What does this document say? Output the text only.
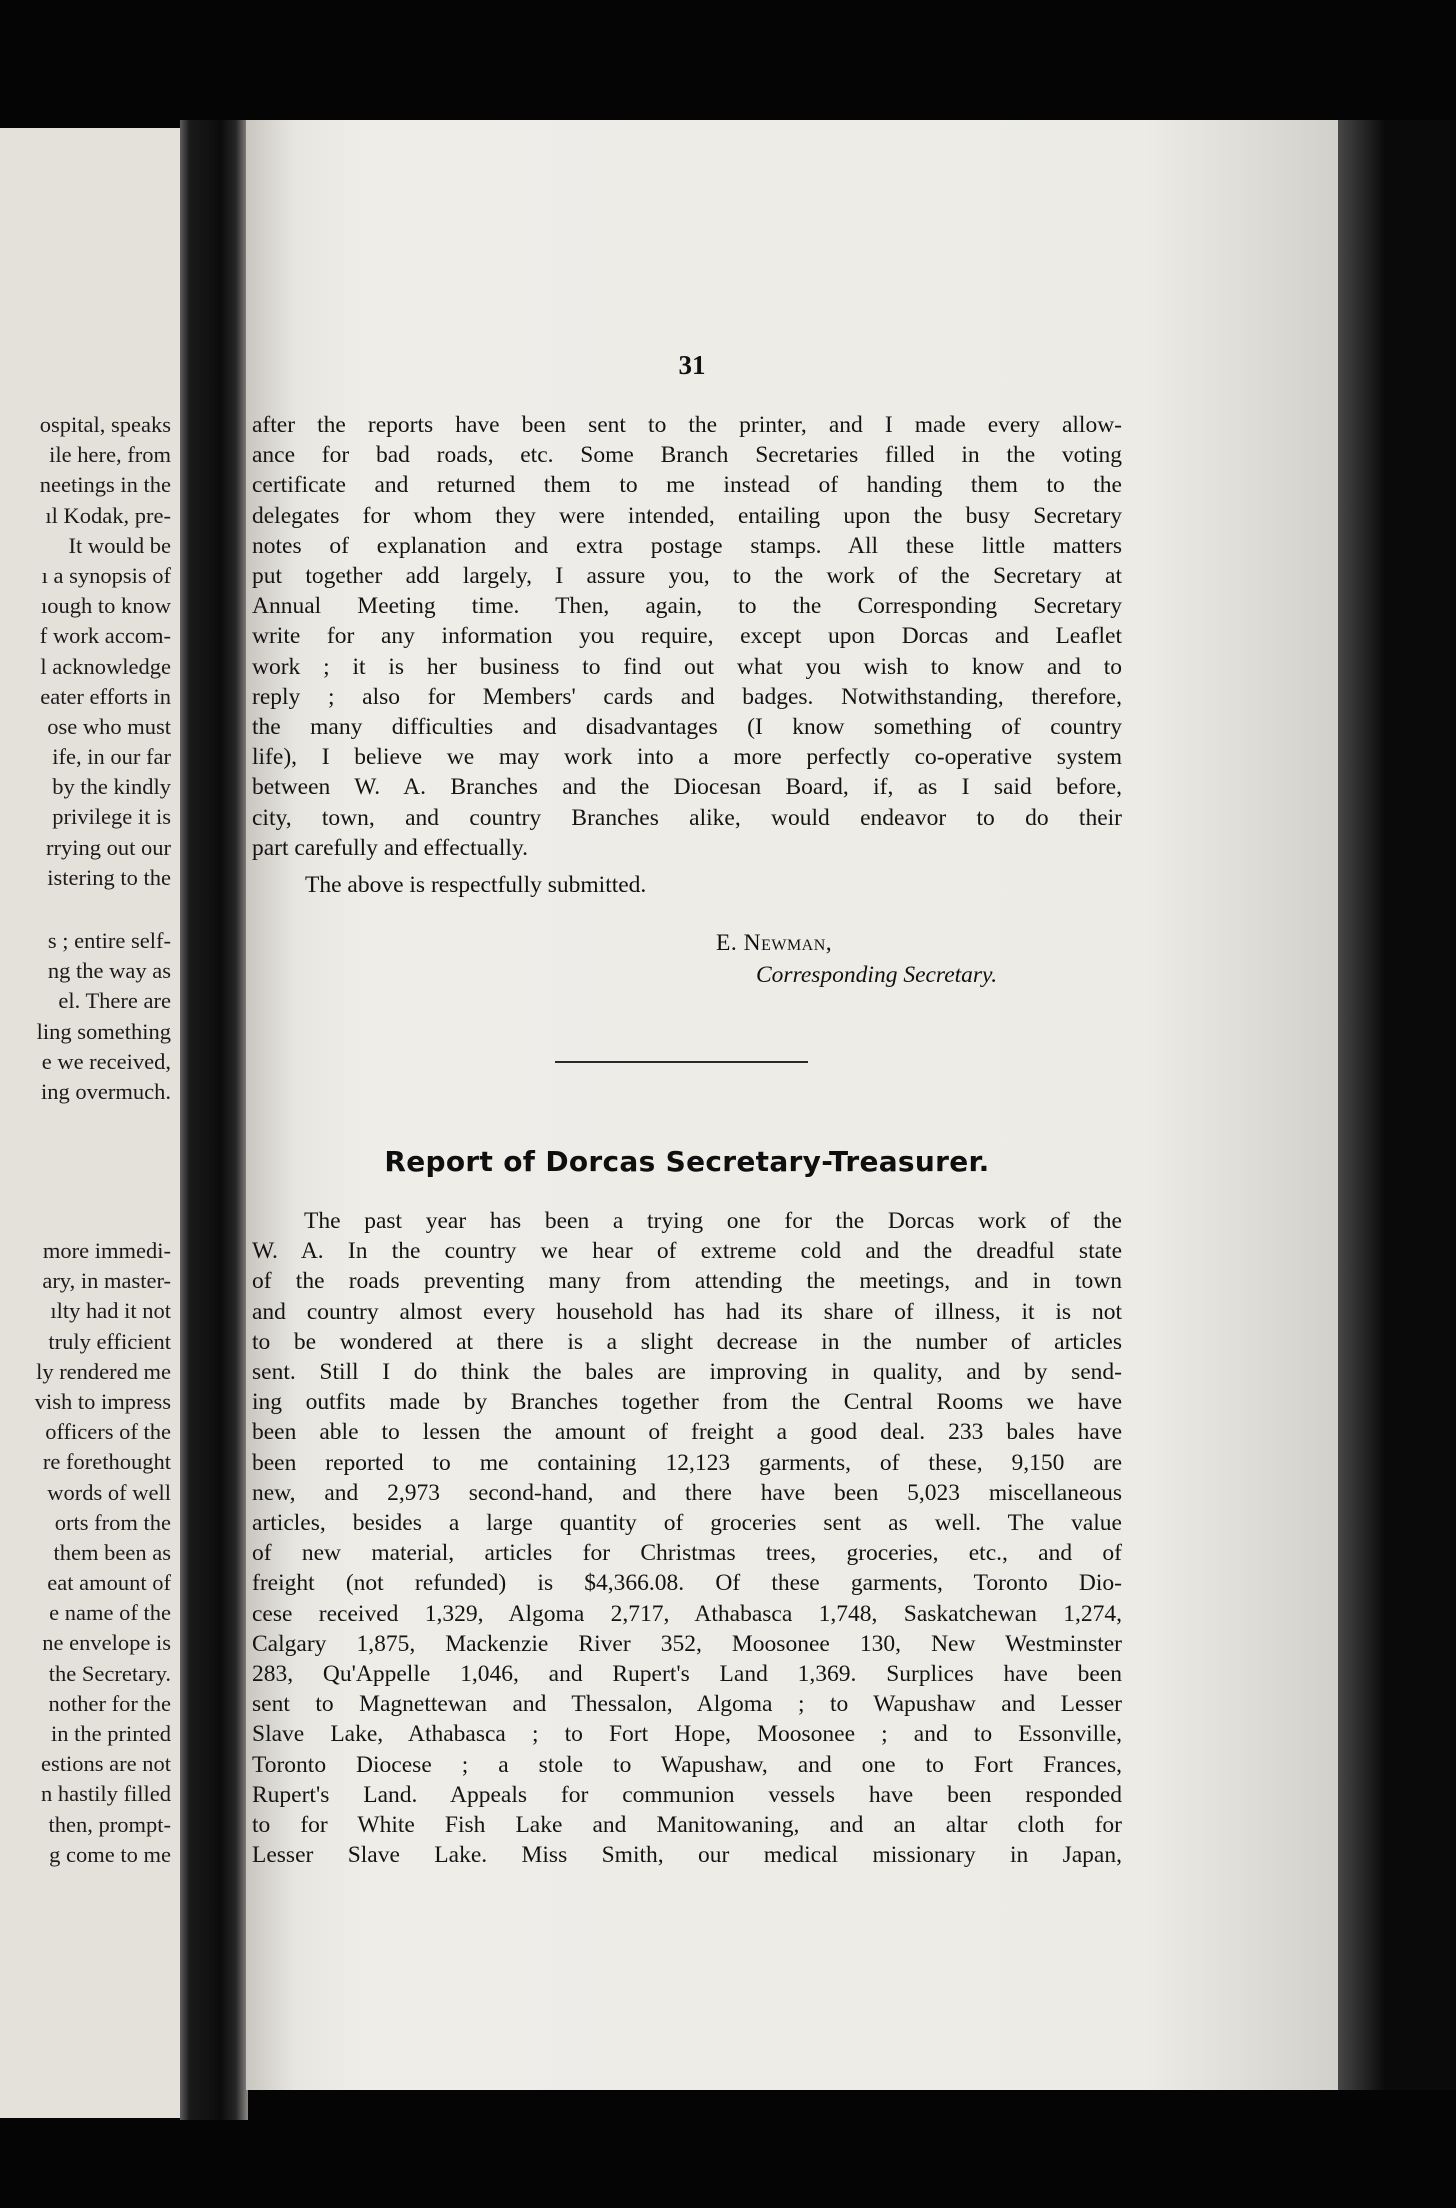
ospital, speaks
ile here, from
neetings in the
ıl Kodak, pre-
It would be
ı a synopsis of
ıough to know
f work accom-
l acknowledge
eater efforts in
ose who must
ife, in our far
by the kindly
privilege it is
rrying out our
istering to the
s ; entire self-
ng the way as
el. There are
ling something
e we received,
ing overmuch.
more immedi-
ary, in master-
ılty had it not
truly efficient
ly rendered me
vish to impress
officers of the
re forethought
words of well
orts from the
them been as
eat amount of
e name of the
ne envelope is
the Secretary.
nother for the
in the printed
estions are not
n hastily filled
then, prompt-
g come to me
31
after the reports have been sent to the printer, and I made every allow-
ance for bad roads, etc. Some Branch Secretaries filled in the voting
certificate and returned them to me instead of handing them to the
delegates for whom they were intended, entailing upon the busy Secretary
notes of explanation and extra postage stamps. All these little matters
put together add largely, I assure you, to the work of the Secretary at
Annual Meeting time. Then, again, to the Corresponding Secretary
write for any information you require, except upon Dorcas and Leaflet
work ; it is her business to find out what you wish to know and to
reply ; also for Members' cards and badges. Notwithstanding, therefore,
the many difficulties and disadvantages (I know something of country
life), I believe we may work into a more perfectly co-operative system
between W. A. Branches and the Diocesan Board, if, as I said before,
city, town, and country Branches alike, would endeavor to do their
part carefully and effectually.
The above is respectfully submitted.
E. Newman,
Corresponding Secretary.
Report of Dorcas Secretary-Treasurer.
The past year has been a trying one for the Dorcas work of the
W. A. In the country we hear of extreme cold and the dreadful state
of the roads preventing many from attending the meetings, and in town
and country almost every household has had its share of illness, it is not
to be wondered at there is a slight decrease in the number of articles
sent. Still I do think the bales are improving in quality, and by send-
ing outfits made by Branches together from the Central Rooms we have
been able to lessen the amount of freight a good deal. 233 bales have
been reported to me containing 12,123 garments, of these, 9,150 are
new, and 2,973 second-hand, and there have been 5,023 miscellaneous
articles, besides a large quantity of groceries sent as well. The value
of new material, articles for Christmas trees, groceries, etc., and of
freight (not refunded) is $4,366.08. Of these garments, Toronto Dio-
cese received 1,329, Algoma 2,717, Athabasca 1,748, Saskatchewan 1,274,
Calgary 1,875, Mackenzie River 352, Moosonee 130, New Westminster
283, Qu'Appelle 1,046, and Rupert's Land 1,369. Surplices have been
sent to Magnettewan and Thessalon, Algoma ; to Wapushaw and Lesser
Slave Lake, Athabasca ; to Fort Hope, Moosonee ; and to Essonville,
Toronto Diocese ; a stole to Wapushaw, and one to Fort Frances,
Rupert's Land. Appeals for communion vessels have been responded
to for White Fish Lake and Manitowaning, and an altar cloth for
Lesser Slave Lake. Miss Smith, our medical missionary in Japan,
